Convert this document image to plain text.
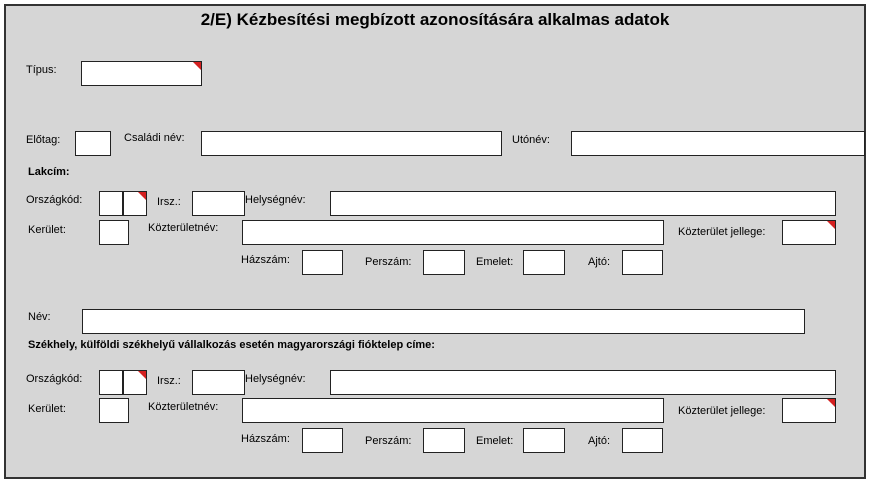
2/E) Kézbesítési megbízott azonosítására alkalmas adatok
Típus:
Előtag:	Családi név:	Utónév:
Lakcím:
Országkód:	Irsz.:	Helységnév:
Kerület:	Közterületnév:	Közterület jellege:
Házszám:	Perszám:	Emelet:	Ajtó:
Név:
Székhely, külföldi székhelyű vállalkozás esetén magyarországi fióktelep címe:
Országkód:	Irsz.:	Helységnév:
Kerület:	Közterületnév:	Közterület jellege:
Házszám:	Perszám:	Emelet:	Ajtó:
